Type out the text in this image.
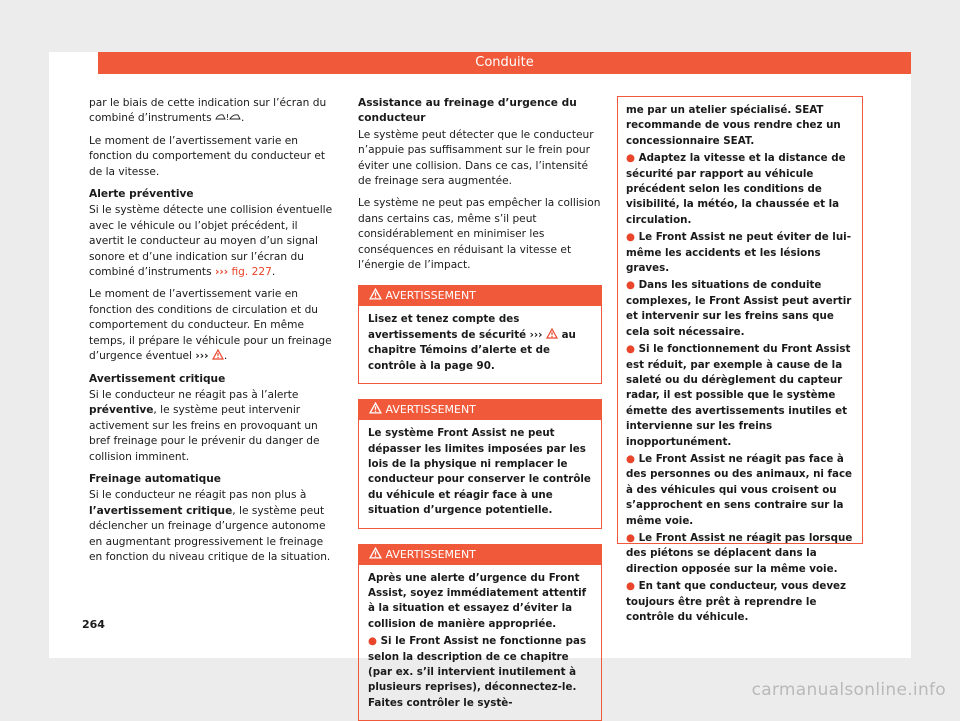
Conduite

par le biais de cette indication sur l’écran du combiné d’instruments ! .

Le moment de l’avertissement varie en fonction du comportement du conducteur et de la vitesse.

Alerte préventive

Si le système détecte une collision éventuelle avec le véhicule ou l’objet précédent, il avertit le conducteur au moyen d’un signal sonore et d’une indication sur l’écran du combiné d’instruments ››› fig. 227.

Le moment de l’avertissement varie en fonction des conditions de circulation et du comportement du conducteur. En même temps, il prépare le véhicule pour un freinage d’urgence éventuel ››› .

Avertissement critique

Si le conducteur ne réagit pas à l’alerte préventive, le système peut intervenir activement sur les freins en provoquant un bref freinage pour le prévenir du danger de collision imminent.

Freinage automatique

Si le conducteur ne réagit pas non plus à l’avertissement critique, le système peut déclencher un freinage d’urgence autonome en augmentant progressivement le freinage en fonction du niveau critique de la situation.

Assistance au freinage d’urgence du conducteur

Le système peut détecter que le conducteur n’appuie pas suffisamment sur le frein pour éviter une collision. Dans ce cas, l’intensité de freinage sera augmentée.

Le système ne peut pas empêcher la collision dans certains cas, même s’il peut considérablement en minimiser les conséquences en réduisant la vitesse et l’énergie de l’impact.

AVERTISSEMENT

Lisez et tenez compte des avertissements de sécurité ›››  au chapitre Témoins d’alerte et de contrôle à la page 90.

AVERTISSEMENT

Le système Front Assist ne peut dépasser les limites imposées par les lois de la physique ni remplacer le conducteur pour conserver le contrôle du véhicule et réagir face à une situation d’urgence potentielle.

AVERTISSEMENT

Après une alerte d’urgence du Front Assist, soyez immédiatement attentif à la situation et essayez d’éviter la collision de manière appropriée.

● Si le Front Assist ne fonctionne pas selon la description de ce chapitre (par ex. s’il intervient inutilement à plusieurs reprises), déconnectez-le. Faites contrôler le systè-

me par un atelier spécialisé. SEAT recommande de vous rendre chez un concessionnaire SEAT.

● Adaptez la vitesse et la distance de sécurité par rapport au véhicule précédent selon les conditions de visibilité, la météo, la chaussée et la circulation.

● Le Front Assist ne peut éviter de lui-même les accidents et les lésions graves.

● Dans les situations de conduite complexes, le Front Assist peut avertir et intervenir sur les freins sans que cela soit nécessaire.

● Si le fonctionnement du Front Assist est réduit, par exemple à cause de la saleté ou du dérèglement du capteur radar, il est possible que le système émette des avertissements inutiles et intervienne sur les freins inopportunément.

● Le Front Assist ne réagit pas face à des personnes ou des animaux, ni face à des véhicules qui vous croisent ou s’approchent en sens contraire sur la même voie.

● Le Front Assist ne réagit pas lorsque des piétons se déplacent dans la direction opposée sur la même voie.

● En tant que conducteur, vous devez toujours être prêt à reprendre le contrôle du véhicule.

264
carmanualsonline.info
